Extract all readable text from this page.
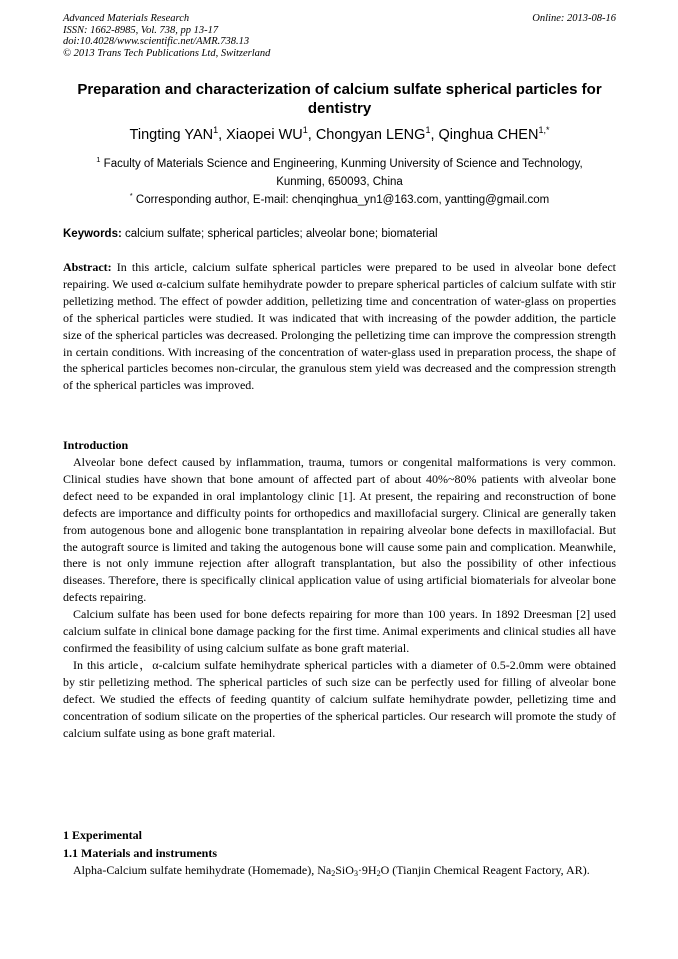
Advanced Materials Research
ISSN: 1662-8985, Vol. 738, pp 13-17
doi:10.4028/www.scientific.net/AMR.738.13
© 2013 Trans Tech Publications Ltd, Switzerland
Online: 2013-08-16
Preparation and characterization of calcium sulfate spherical particles for dentistry
Tingting YAN$^1$, Xiaopei $WU^1$, Chongyan LENG$^1$, Qinghua $CHEN^{1,*}$
$^1$ Faculty of Materials Science and Engineering, Kunming University of Science and Technology,
Kunming, 650093, China
* Corresponding author, E-mail: chenqinghua_yn1@163.com, yantting@gmail.com
Keywords: calcium sulfate; spherical particles; alveolar bone; biomaterial
Abstract: In this article, calcium sulfate spherical particles were prepared to be used in alveolar bone defect repairing. We used α-calcium sulfate hemihydrate powder to prepare spherical particles of calcium sulfate with stir pelletizing method. The effect of powder addition, pelletizing time and concentration of water-glass on properties of the spherical particles were studied. It was indicated that with increasing of the powder addition, the particle size of the spherical particles was decreased. Prolonging the pelletizing time can improve the compression strength in certain conditions. With increasing of the concentration of water-glass used in preparation process, the shape of the spherical particles becomes non-circular, the granulous stem yield was decreased and the compression strength of the spherical particles was improved.
Introduction

Alveolar bone defect caused by inflammation, trauma, tumors or congenital malformations is very common. Clinical studies have shown that bone amount of affected part of about 40%~80% patients with alveolar bone defect need to be expanded in oral implantology clinic [1]. At present, the repairing and reconstruction of bone defects are importance and difficulty points for orthopedics and maxillofacial surgery. Clinical are generally taken from autogenous bone and allogenic bone transplantation in repairing alveolar bone defects in maxillofacial. But the autograft source is limited and taking the autogenous bone will cause some pain and complication. Meanwhile, there is not only immune rejection after allograft transplantation, but also the possibility of other infectious diseases. Therefore, there is specifically clinical application value of using artificial biomaterials for alveolar bone defects repairing.

Calcium sulfate has been used for bone defects repairing for more than 100 years. In 1892 Dreesman [2] used calcium sulfate in clinical bone damage packing for the first time. Animal experiments and clinical studies all have confirmed the feasibility of using calcium sulfate as bone graft material.

In this article，α-calcium sulfate hemihydrate spherical particles with a diameter of 0.5-2.0mm were obtained by stir pelletizing method. The spherical particles of such size can be perfectly used for filling of alveolar bone defect. We studied the effects of feeding quantity of calcium sulfate hemihydrate powder, pelletizing time and concentration of sodium silicate on the properties of the spherical particles. Our research will promote the study of calcium sulfate using as bone graft material.

1 Experimental
1.1 Materials and instruments

Alpha-Calcium sulfate hemihydrate (Homemade), $Na_2SiO_3\cdot 9H_2O$ (Tianjin Chemical Reagent Factory, AR).
